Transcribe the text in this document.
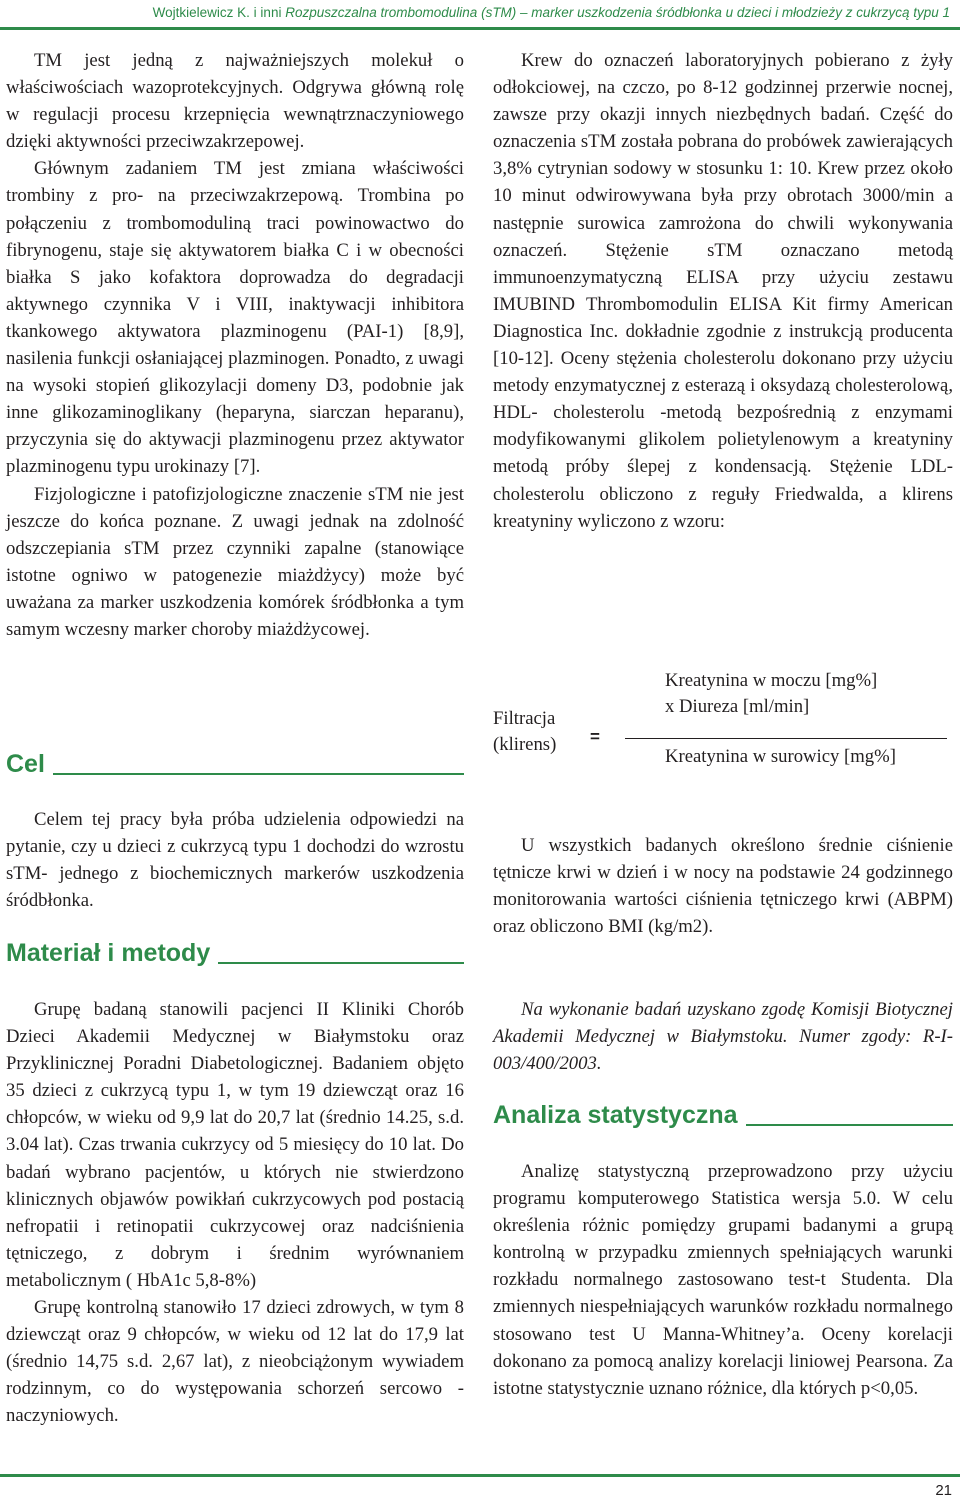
Wojtkielewicz K. i inni Rozpuszczalna trombomodulina (sTM) – marker uszkodzenia śródbłonka u dzieci i młodzieży z cukrzycą typu 1

TM jest jedną z najważniejszych molekuł o właściwościach wazoprotekcyjnych. Odgrywa główną rolę w regulacji procesu krzepnięcia wewnątrznaczyniowego dzięki aktywności przeciwzakrzepowej.

Głównym zadaniem TM jest zmiana właściwości trombiny z pro- na przeciwzakrzepową. Trombina po połączeniu z trombomoduliną traci powinowactwo do fibrynogenu, staje się aktywatorem białka C i w obecności białka S jako kofaktora doprowadza do degradacji aktywnego czynnika V i VIII, inaktywacji inhibitora tkankowego aktywatora plazminogenu (PAI-1) [8,9], nasilenia funkcji osłaniającej plazminogen. Ponadto, z uwagi na wysoki stopień glikozylacji domeny D3, podobnie jak inne glikozaminoglikany (heparyna, siarczan heparanu), przyczynia się do aktywacji plazminogenu przez aktywator plazminogenu typu urokinazy [7].

Fizjologiczne i patofizjologiczne znaczenie sTM nie jest jeszcze do końca poznane. Z uwagi jednak na zdolność odszczepiania sTM przez czynniki zapalne (stanowiące istotne ogniwo w patogenezie miażdżycy) może być uważana za marker uszkodzenia komórek śródbłonka a tym samym wczesny marker choroby miażdżycowej.

Cel

Celem tej pracy była próba udzielenia odpowiedzi na pytanie, czy u dzieci z cukrzycą typu 1 dochodzi do wzrostu sTM- jednego z biochemicznych markerów uszkodzenia śródbłonka.

Materiał i metody

Grupę badaną stanowili pacjenci II Kliniki Chorób Dzieci Akademii Medycznej w Białymstoku oraz Przyklinicznej Poradni Diabetologicznej. Badaniem objęto 35 dzieci z cukrzycą typu 1, w tym 19 dziewcząt oraz 16 chłopców, w wieku od 9,9 lat do 20,7 lat (średnio 14.25, s.d. 3.04 lat). Czas trwania cukrzycy od 5 miesięcy do 10 lat. Do badań wybrano pacjentów, u których nie stwierdzono klinicznych objawów powikłań cukrzycowych pod postacią nefropatii i retinopatii cukrzycowej oraz nadciśnienia tętniczego, z dobrym i średnim wyrównaniem metabolicznym ( HbA1c 5,8-8%)

Grupę kontrolną stanowiło 17 dzieci zdrowych, w tym 8 dziewcząt oraz 9 chłopców, w wieku od 12 lat do 17,9 lat (średnio 14,75 s.d. 2,67 lat), z nieobciążonym wywiadem rodzinnym, co do występowania schorzeń sercowo -naczyniowych.

Krew do oznaczeń laboratoryjnych pobierano z żyły odłokciowej, na czczo, po 8-12 godzinnej przerwie nocnej, zawsze przy okazji innych niezbędnych badań. Część do oznaczenia sTM została pobrana do probówek zawierających 3,8% cytrynian sodowy w stosunku 1: 10. Krew przez około 10 minut odwirowywana była przy obrotach 3000/min a następnie surowica zamrożona do chwili wykonywania oznaczeń. Stężenie sTM oznaczano metodą immunoenzymatyczną ELISA przy użyciu zestawu IMUBIND Thrombomodulin ELISA Kit firmy American Diagnostica Inc. dokładnie zgodnie z instrukcją producenta [10-12]. Oceny stężenia cholesterolu dokonano przy użyciu metody enzymatycznej z esterazą i oksydazą cholesterolową, HDL- cholesterolu -metodą bezpośrednią z enzymami modyfikowanymi glikolem polietylenowym a kreatyniny metodą próby ślepej z kondensacją. Stężenie LDL- cholesterolu obliczono z reguły Friedwalda, a klirens kreatyniny wyliczono z wzoru:

Filtracja
(klirens) =
Kreatynina w moczu [mg%]
x Diureza [ml/min]
Kreatynina w surowicy [mg%]

U wszystkich badanych określono średnie ciśnienie tętnicze krwi w dzień i w nocy na podstawie 24 godzinnego monitorowania wartości ciśnienia tętniczego krwi (ABPM) oraz obliczono BMI (kg/m2).

Na wykonanie badań uzyskano zgodę Komisji Biotycznej Akademii Medycznej w Białymstoku. Numer zgody: R-I-003/400/2003.

Analiza statystyczna

Analizę statystyczną przeprowadzono przy użyciu programu komputerowego Statistica wersja 5.0. W celu określenia różnic pomiędzy grupami badanymi a grupą kontrolną w przypadku zmiennych spełniających warunki rozkładu normalnego zastosowano test-t Studenta. Dla zmiennych niespełniających warunków rozkładu normalnego stosowano test U Manna-Whitney’a. Oceny korelacji dokonano za pomocą analizy korelacji liniowej Pearsona. Za istotne statystycznie uznano różnice, dla których p<0,05.

21
